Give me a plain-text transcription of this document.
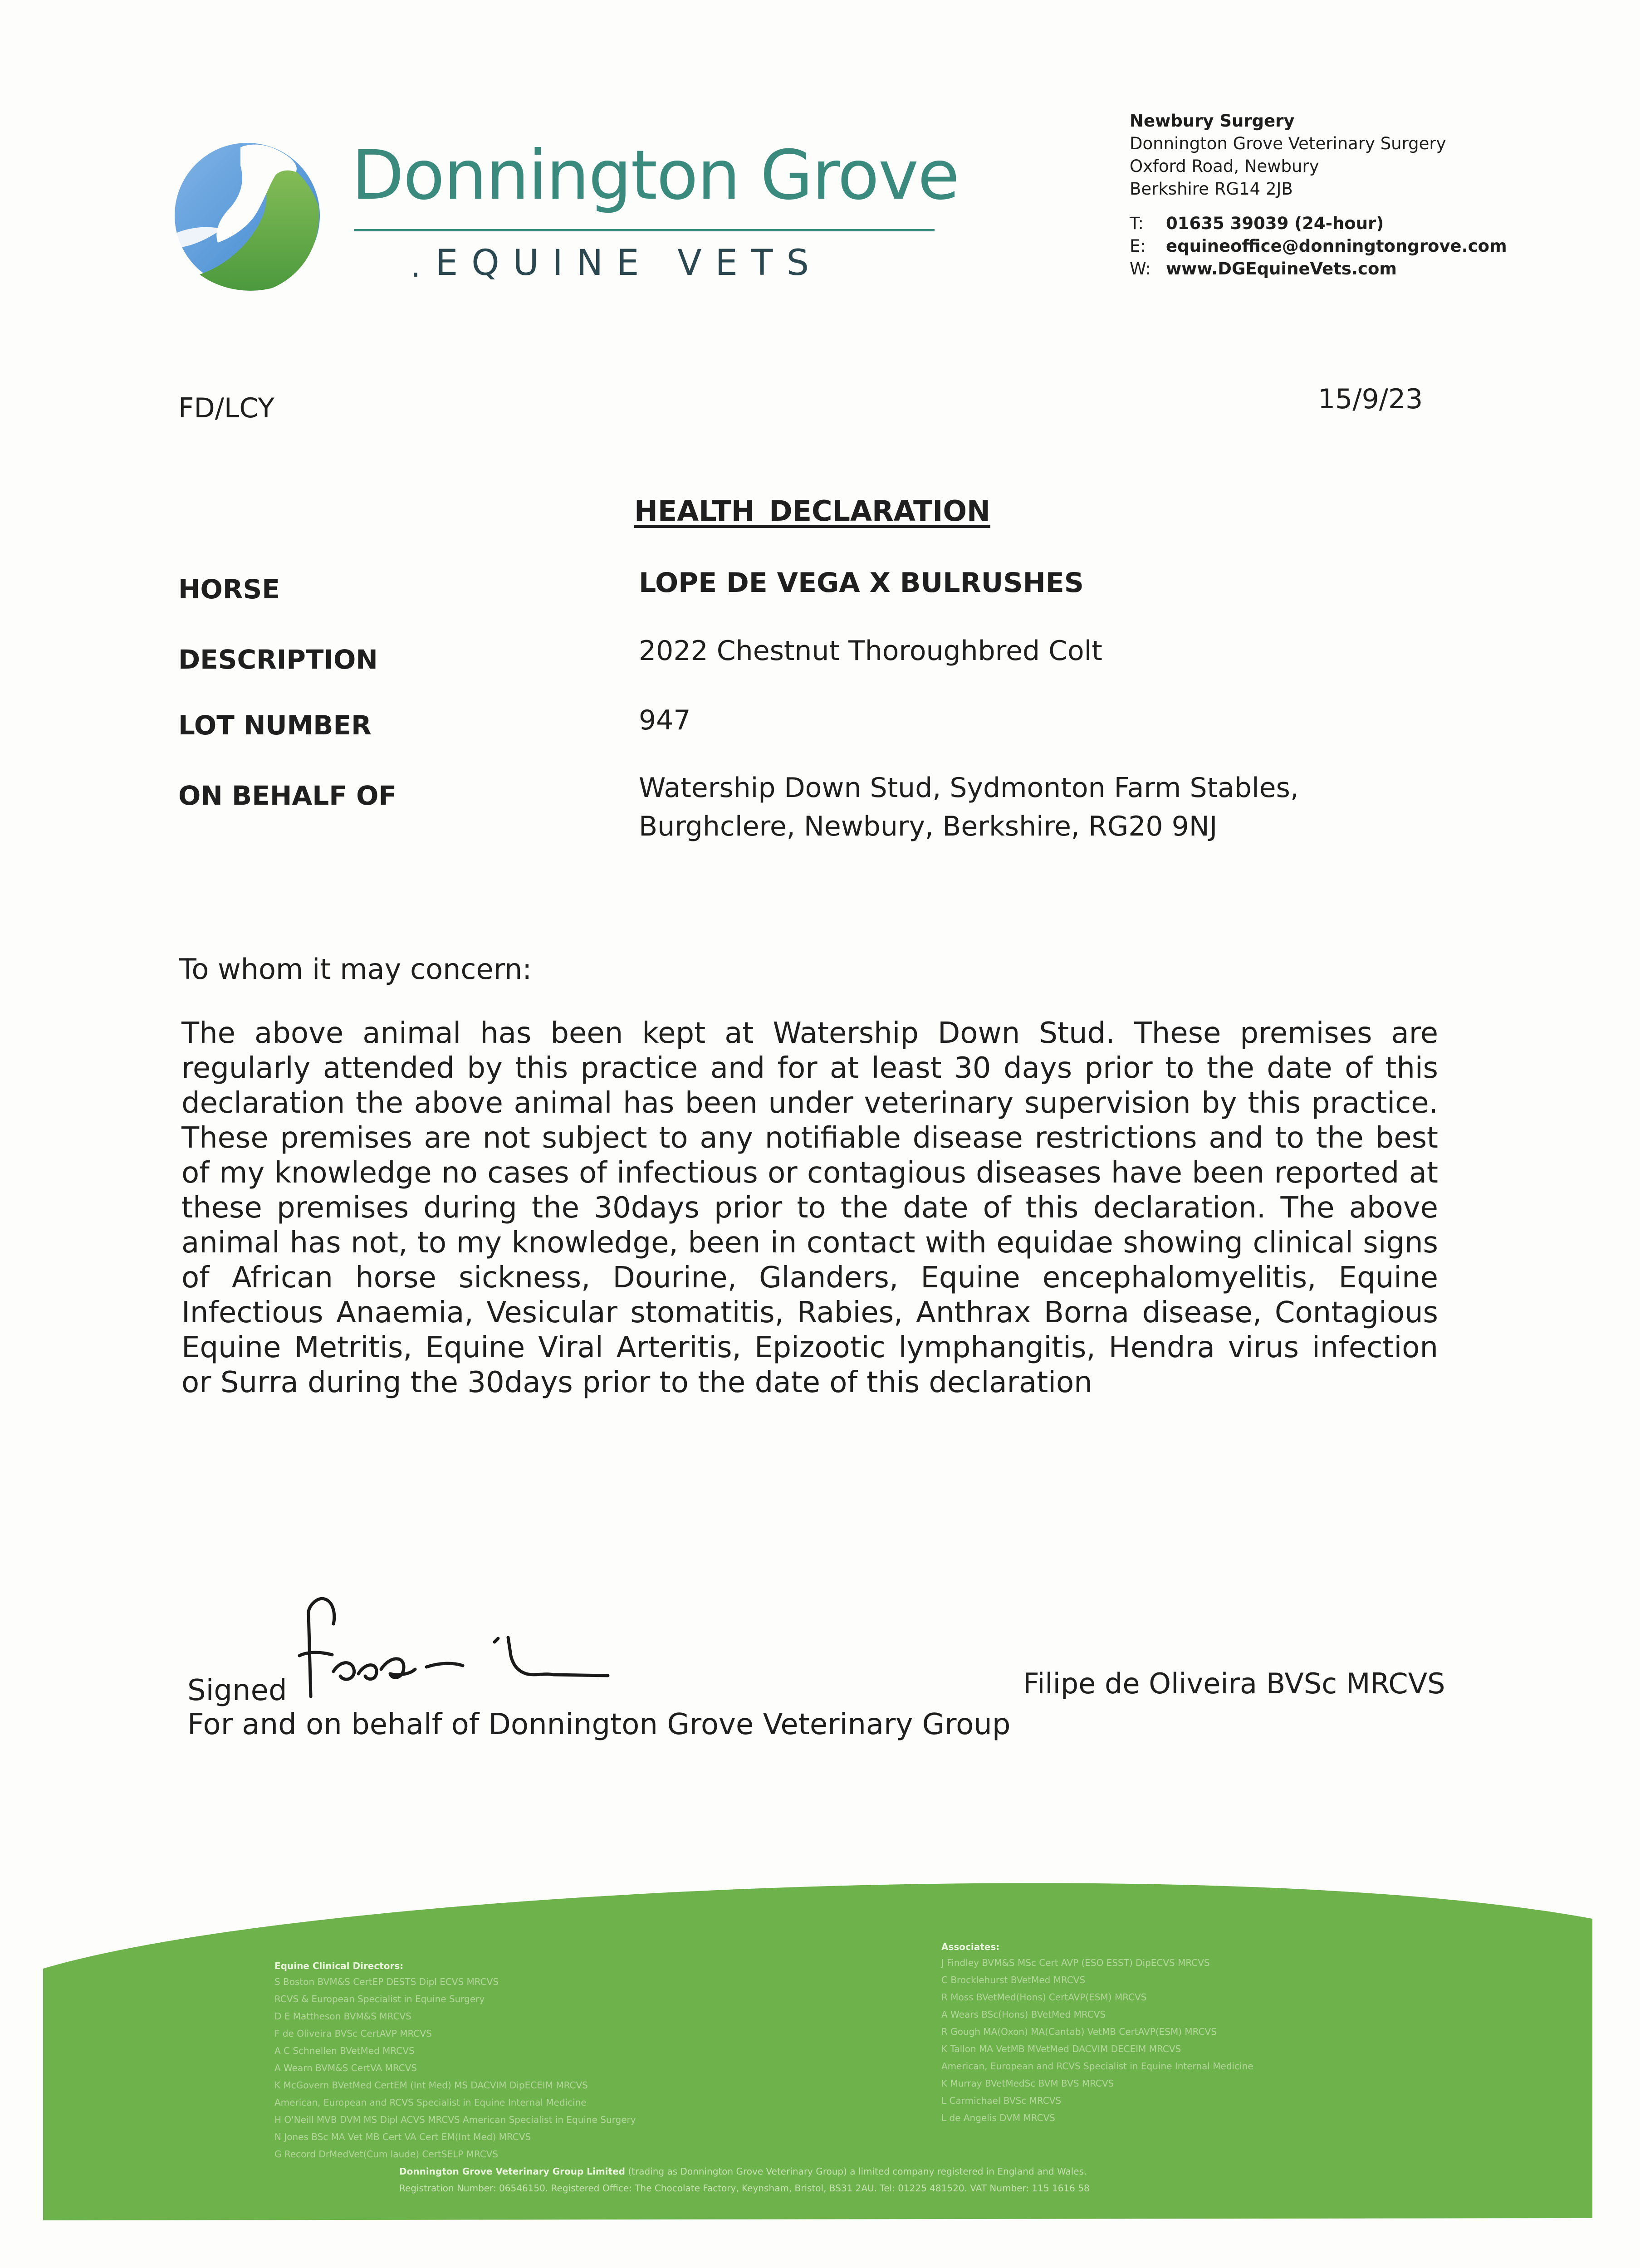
Donnington Grove
. EQUINE VETS
Newbury Surgery
Donnington Grove Veterinary Surgery
Oxford Road, Newbury
Berkshire RG14 2JB
T: 01635 39039 (24-hour)
E: equineoffice@donningtongrove.com
W: www.DGEquineVets.com
FD/LCY	15/9/23
HEALTH DECLARATION
HORSE	LOPE DE VEGA X BULRUSHES
DESCRIPTION	2022 Chestnut Thoroughbred Colt
LOT NUMBER	947
ON BEHALF OF	Watership Down Stud, Sydmonton Farm Stables,
Burghclere, Newbury, Berkshire, RG20 9NJ
To whom it may concern:
The above animal has been kept at Watership Down Stud. These premises are regularly attended by this practice and for at least 30 days prior to the date of this declaration the above animal has been under veterinary supervision by this practice. These premises are not subject to any notifiable disease restrictions and to the best of my knowledge no cases of infectious or contagious diseases have been reported at these premises during the 30days prior to the date of this declaration. The above animal has not, to my knowledge, been in contact with equidae showing clinical signs of African horse sickness, Dourine, Glanders, Equine encephalomyelitis, Equine Infectious Anaemia, Vesicular stomatitis, Rabies, Anthrax Borna disease, Contagious Equine Metritis, Equine Viral Arteritis, Epizootic lymphangitis, Hendra virus infection or Surra during the 30days prior to the date of this declaration
Signed
For and on behalf of Donnington Grove Veterinary Group
Filipe de Oliveira BVSc MRCVS
Equine Clinical Directors:
S Boston BVM&S CertEP DESTS Dipl ECVS MRCVS
RCVS & European Specialist in Equine Surgery
D E Mattheson BVM&S MRCVS
F de Oliveira BVSc CertAVP MRCVS
A C Schnellen BVetMed MRCVS
A Wearn BVM&S CertVA MRCVS
K McGovern BVetMed CertEM (Int Med) MS DACVIM DipECEIM MRCVS
American, European and RCVS Specialist in Equine Internal Medicine
H O'Neill MVB DVM MS Dipl ACVS MRCVS American Specialist in Equine Surgery
N Jones BSc MA Vet MB Cert VA Cert EM(Int Med) MRCVS
G Record DrMedVet(Cum laude) CertSELP MRCVS
Associates:
J Findley BVM&S MSc Cert AVP (ESO ESST) DipECVS MRCVS
C Brocklehurst BVetMed MRCVS
R Moss BVetMed(Hons) CertAVP(ESM) MRCVS
A Wears BSc(Hons) BVetMed MRCVS
R Gough MA(Oxon) MA(Cantab) VetMB CertAVP(ESM) MRCVS
K Tallon MA VetMB MVetMed DACVIM DECEIM MRCVS
American, European and RCVS Specialist in Equine Internal Medicine
K Murray BVetMedSc BVM BVS MRCVS
L Carmichael BVSc MRCVS
L de Angelis DVM MRCVS
Donnington Grove Veterinary Group Limited (trading as Donnington Grove Veterinary Group) a limited company registered in England and Wales.
Registration Number: 06546150. Registered Office: The Chocolate Factory, Keynsham, Bristol, BS31 2AU. Tel: 01225 481520. VAT Number: 115 1616 58
